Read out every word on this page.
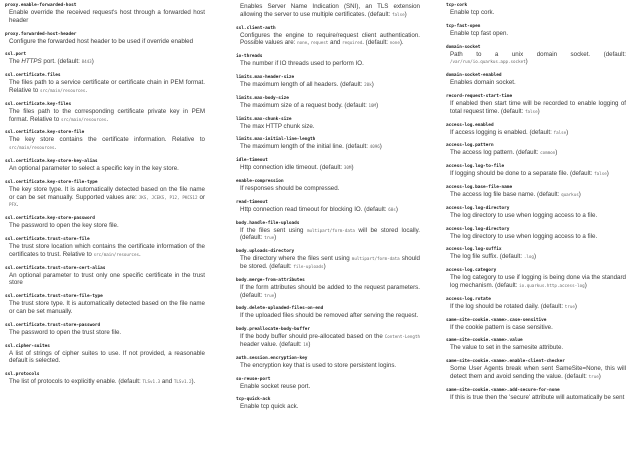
proxy.enable-forwarded-host
Enable override the received request's host through a forwarded host header
proxy.forwarded-host-header
Configure the forwarded host header to be used if override enabled
ssl.port
The HTTPS port. (default: 8443)
ssl.certificate.files
The files path to a service certificate or certificate chain in PEM format. Relative to src/main/resources.
ssl.certificate.key-files
The files path to the corresponding certificate private key in PEM format. Relative to src/main/resources.
ssl.certificate.key-store-file
The key store contains the certificate information. Relative to src/main/resources.
ssl.certificate.key-store-key-alias
An optional parameter to select a specific key in the key store.
ssl.certificate.key-store-file-type
The key store type. It is automatically detected based on the file name or can be set manually. Supported values are: JKS, JCEKS, P12, PKCS12 or PFX.
ssl.certificate.key-store-password
The password to open the key store file.
ssl.certificate.trust-store-file
The trust store location which contains the certificate information of the certificates to trust. Relative to src/main/resources.
ssl.certificate.trust-store-cert-alias
An optional parameter to trust only one specific certificate in the trust store
ssl.certificate.trust-store-file-type
The trust store type. It is automatically detected based on the file name or can be set manually.
ssl.certificate.trust-store-password
The password to open the trust store file.
ssl.cipher-suites
A list of strings of cipher suites to use. If not provided, a reasonable default is selected.
ssl.protocols
The list of protocols to explicitly enable. (default: TLSv1.3 and TLSv1.2).
Enables Server Name Indication (SNI), an TLS extension allowing the server to use multiple certificates. (default: false)
ssl.client-auth
Configures the engine to require/request client authentication. Possible values are: none, request and required. (default: none).
io-threads
The number if IO threads used to perform IO.
limits.max-header-size
The maximum length of all headers. (default: 20k)
limits.max-body-size
The maximum size of a request body. (default: 10M)
limits.max-chunk-size
The max HTTP chunk size.
limits.max-initial-line-length
The maximum length of the initial line. (default: 4096)
idle-timeout
Http connection idle timeout. (default: 30M)
enable-compression
If responses should be compressed.
read-timeout
Http connection read timeout for blocking IO. (default: 60s)
body.handle-file-uploads
If the files sent using multipart/form-data will be stored locally. (default: true)
body.uploads-directory
The directory where the files sent using multipart/form-data should be stored. (default: file-uploads)
body.merge-from-attributes
If the form attributes should be added to the request parameters. (default: true)
body.delete-uploaded-files-on-end
If the uploaded files should be removed after serving the request.
body.preallocate-body-buffer
If the body buffer should pre-allocated based on the Content-Length header value. (default: 1K)
auth.session.encryption-key
The encryption key that is used to store persistent logins.
so-reuse-port
Enable socket reuse port.
tcp-quick-ack
Enable tcp quick ack.
tcp-cork
Enable tcp cork.
tcp-fast-open
Enable tcp fast open.
domain-socket
Path to a unix domain socket. (default: /var/run/io.quarkus.app.socket)
domain-socket-enabled
Enables domain socket.
record-request-start-time
If enabled then start time will be recorded to enable logging of total request time. (default: false)
access-log.enabled
If access logging is enabled. (default: false)
access-log.pattern
The access log pattern. (default: common)
access-log.log-to-file
If logging should be done to a separate file. (default: false)
access-log.base-file-name
The access log file base name. (default: quarkus)
access-log.log-directory
The log directory to use when logging access to a file.
access-log.log-directory
The log directory to use when logging access to a file.
access-log.log-suffix
The log file suffix. (default: .log)
access-log.category
The log category to use if logging is being done via the standard log mechanism. (default: io.quarkus.http.access-log)
access-log.rotate
If the log should be rotated daily. (default: true)
same-site-cookie.<name>.case-sensitive
If the cookie pattern is case sensitive.
same-site-cookie.<name>.value
The value to set in the samesite attribute.
same-site-cookie.<name>.enable-client-checker
Some User Agents break when sent SameSite=None, this will detect them and avoid sending the value. (default: true)
same-site-cookie.<name>.add-secure-for-none
If this is true then the 'secure' attribute will automatically be sent
